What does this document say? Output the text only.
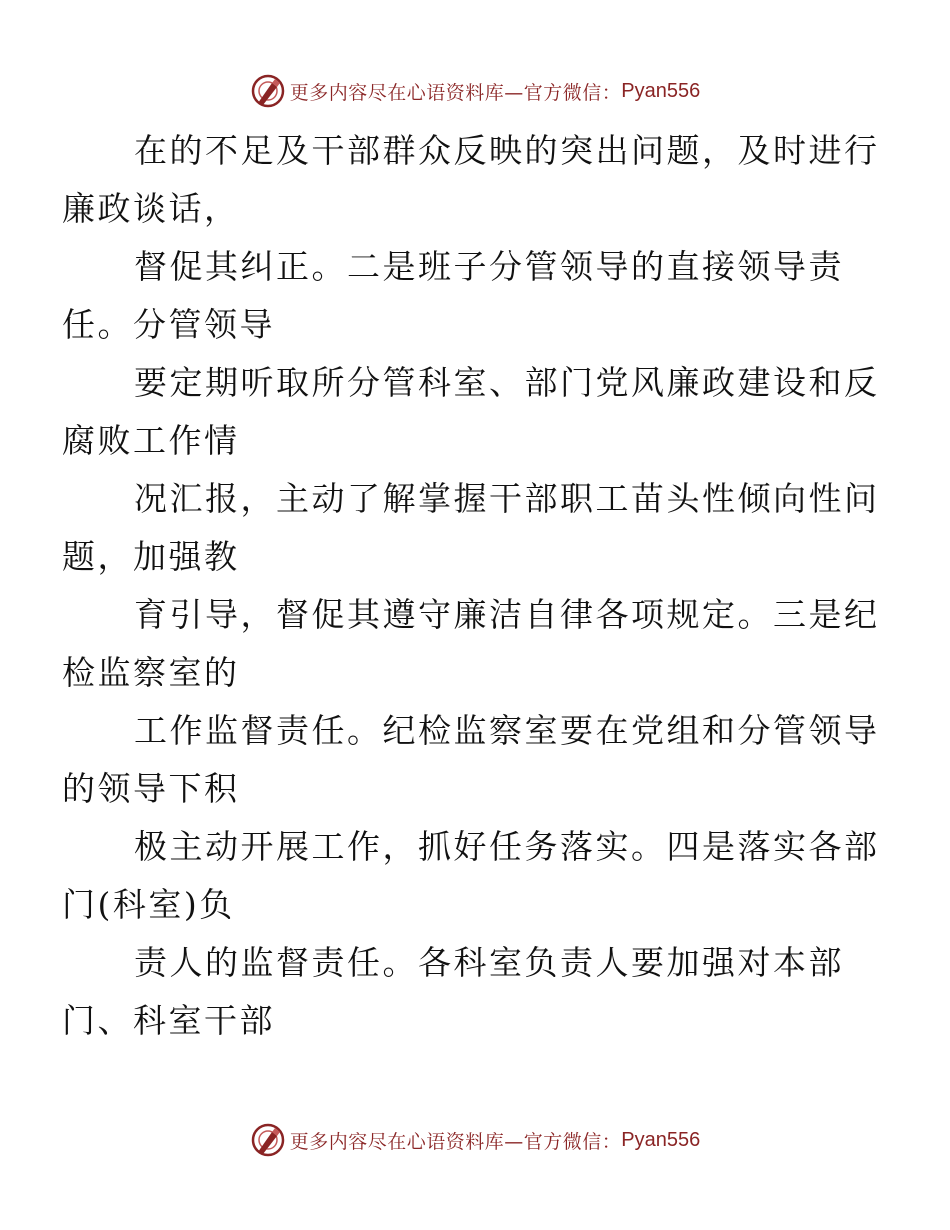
更多内容尽在心语资料库—官方微信： Pyan556

在的不足及干部群众反映的突出问题，及时进行
廉政谈话，

督促其纠正。二是班子分管领导的直接领导责
任。分管领导

要定期听取所分管科室、部门党风廉政建设和反
腐败工作情

况汇报，主动了解掌握干部职工苗头性倾向性问
题，加强教

育引导，督促其遵守廉洁自律各项规定。三是纪
检监察室的

工作监督责任。纪检监察室要在党组和分管领导
的领导下积

极主动开展工作，抓好任务落实。四是落实各部
门(科室)负

责人的监督责任。各科室负责人要加强对本部
门、科室干部

更多内容尽在心语资料库—官方微信： Pyan556
